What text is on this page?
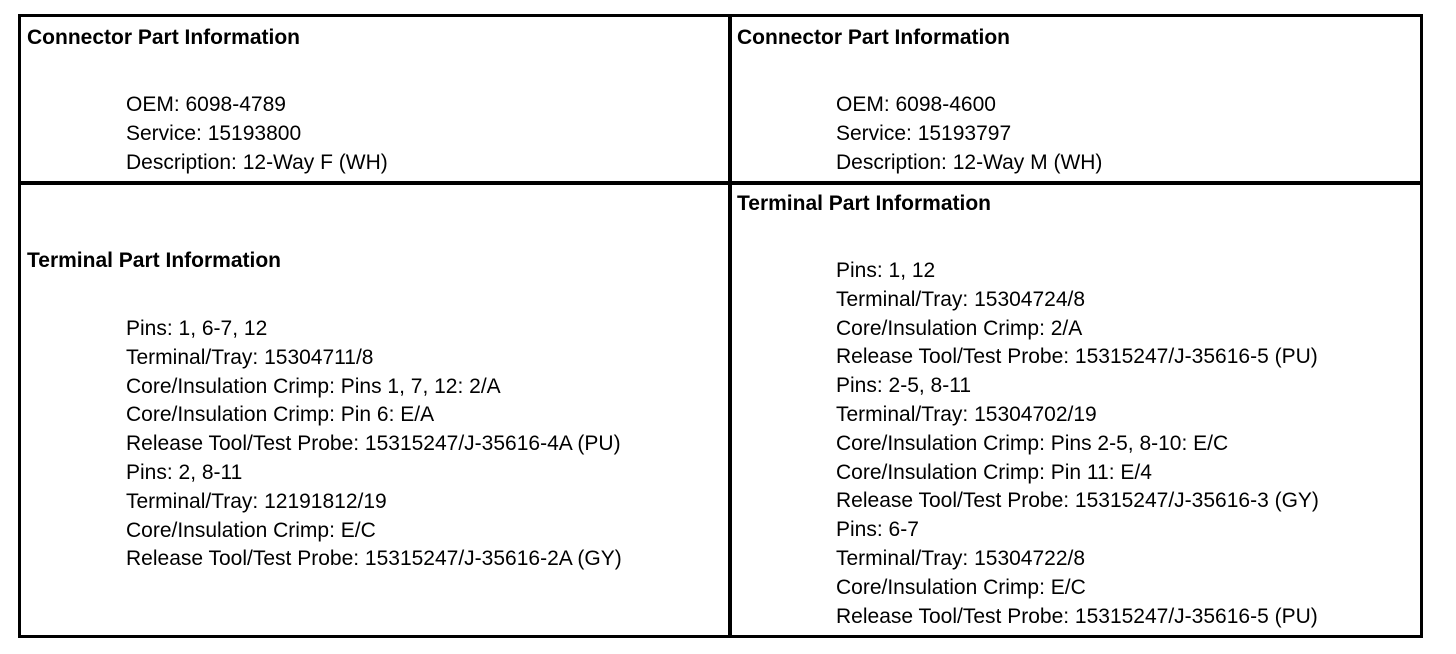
Connector Part Information
OEM: 6098-4789
Service: 15193800
Description: 12-Way F (WH)
Connector Part Information
OEM: 6098-4600
Service: 15193797
Description: 12-Way M (WH)
Terminal Part Information
Pins: 1, 6-7, 12
Terminal/Tray: 15304711/8
Core/Insulation Crimp: Pins 1, 7, 12: 2/A
Core/Insulation Crimp: Pin 6: E/A
Release Tool/Test Probe: 15315247/J-35616-4A (PU)
Pins: 2, 8-11
Terminal/Tray: 12191812/19
Core/Insulation Crimp: E/C
Release Tool/Test Probe: 15315247/J-35616-2A (GY)
Terminal Part Information
Pins: 1, 12
Terminal/Tray: 15304724/8
Core/Insulation Crimp: 2/A
Release Tool/Test Probe: 15315247/J-35616-5 (PU)
Pins: 2-5, 8-11
Terminal/Tray: 15304702/19
Core/Insulation Crimp: Pins 2-5, 8-10: E/C
Core/Insulation Crimp: Pin 11: E/4
Release Tool/Test Probe: 15315247/J-35616-3 (GY)
Pins: 6-7
Terminal/Tray: 15304722/8
Core/Insulation Crimp: E/C
Release Tool/Test Probe: 15315247/J-35616-5 (PU)
